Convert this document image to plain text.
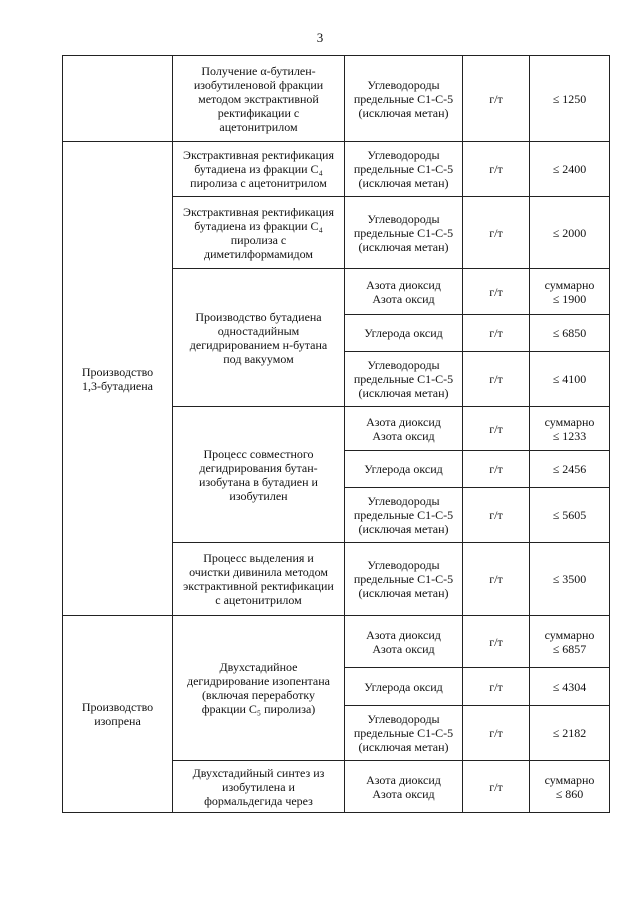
3

	Получение α-бутилен-
изобутиленовой фракции
методом экстрактивной
ректификации с
ацетонитрилом	Углеводороды
предельные С1-С-5
(исключая метан)	г/т	≤ 1250

Производство
1,3-бутадиена	Экстрактивная ректификация
бутадиена из фракции С₄
пиролиза с ацетонитрилом	Углеводороды
предельные С1-С-5
(исключая метан)	г/т	≤ 2400

	Экстрактивная ректификация
бутадиена из фракции С₄
пиролиза с
диметилформамидом	Углеводороды
предельные С1-С-5
(исключая метан)	г/т	≤ 2000

	Производство бутадиена
одностадийным
дегидрированием н-бутана
под вакуумом	Азота диоксид
Азота оксид	г/т	суммарно
≤ 1900

		Углерода оксид	г/т	≤ 6850

		Углеводороды
предельные С1-С-5
(исключая метан)	г/т	≤ 4100

	Процесс совместного
дегидрирования бутан-
изобутана в бутадиен и
изобутилен	Азота диоксид
Азота оксид	г/т	суммарно
≤ 1233

		Углерода оксид	г/т	≤ 2456

		Углеводороды
предельные С1-С-5
(исключая метан)	г/т	≤ 5605

	Процесс выделения и
очистки дивинила методом
экстрактивной ректификации
с ацетонитрилом	Углеводороды
предельные С1-С-5
(исключая метан)	г/т	≤ 3500

Производство
изопрена	Двухстадийное
дегидрирование изопентана
(включая переработку
фракции С₅ пиролиза)	Азота диоксид
Азота оксид	г/т	суммарно
≤ 6857

		Углерода оксид	г/т	≤ 4304

		Углеводороды
предельные С1-С-5
(исключая метан)	г/т	≤ 2182

	Двухстадийный синтез из
изобутилена и
формальдегида через	Азота диоксид
Азота оксид	г/т	суммарно
≤ 860
